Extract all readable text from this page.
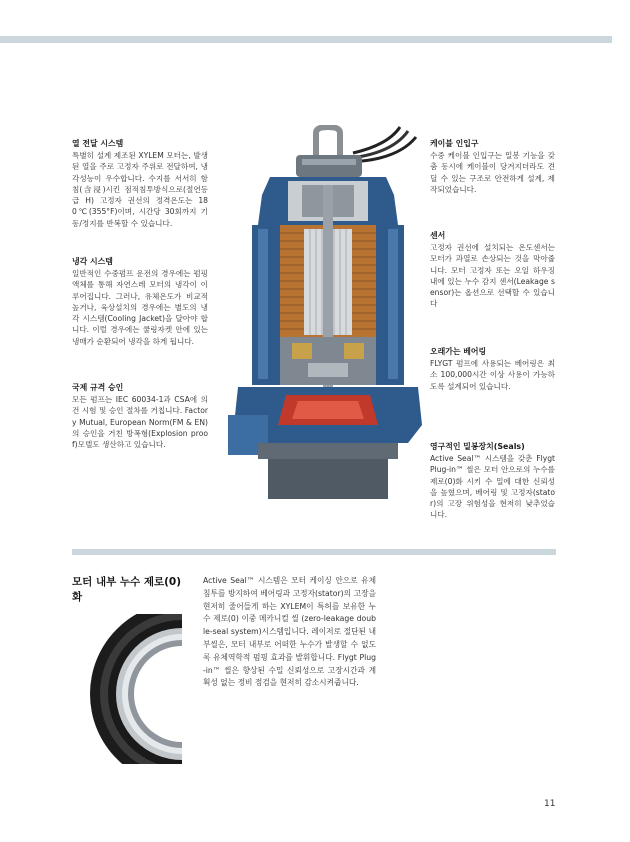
열 전달 시스템

특별히 설계 제조된 XYLEM 모터는, 발생된 열을 주로 고정자 주위로 전달하여, 냉각성능이 우수합니다. 수지를 서서히 함침(含浸)시킨 점적침투방식으로(절연등급 H) 고정자 권선의 정격온도는 180℃(355°F)이며, 시간당 30회까지 기동/정지를 반복할 수 있습니다.

냉각 시스템

일반적인 수중펌프 운전의 경우에는 펌핑액체를 통해 자연스레 모터의 냉각이 이루어집니다. 그러나, 유체온도가 비교적 높거나, 육상설치의 경우에는 별도의 냉각 시스템(Cooling Jacket)을 달아야 합니다. 이럴 경우에는 쿨링자켓 안에 있는 냉매가 순환되어 냉각을 하게 됩니다.

국제 규격 승인

모든 펌프는 IEC 60034-1과 CSA에 의건 시험 및 승인 절차를 거칩니다. Factory Mutual, European Norm(FM & EN)의 승인을 거친 방폭형(Explosion proof)모델도 생산하고 있습니다.

케이블 인입구

수중 케이블 인입구는 밀봉 기능을 갖춤 동시에 케이블이 당겨지더라도 견딜 수 있는 구조로 안전하게 설계, 제작되었습니다.

센서

고정자 권선에 설치되는 온도센서는 모터가 과열로 손상되는 것을 막아줍니다. 모터 고정자 또는 오일 하우징 내에 있는 누수 감지 센서(Leakage sensor)는 옵션으로 선택할 수 있습니다

오래가는 베어링

FLYGT 펌프에 사용되는 베어링은 최소 100,000시간 이상 사용이 가능하도록 설계되어 있습니다.

영구적인 밀봉장치(Seals)

Active Seal™ 시스템을 갖춘 Flygt Plug-in™ 씰은 모터 안으로의 누수를 제로(0)화 시키 수 밀에 대한 신뢰성을 높혔으며, 베어링 및 고정자(stator)의 고장 위험성을 현저히 낮추었습니다.

모터 내부 누수 제로(0)화

Active Seal™ 시스템은 모터 케이싱 안으로 유체 침투를 방지하여 베어링과 고정자(stator)의 고장을 현저히 줄어들게 하는 XYLEM이 특허를 보유한 누수 제로(0) 이중 메카니컬 씰 (zero-leakage double-seal system)시스템입니다. 레이저로 절단된 내부씰은, 모터 내부로 어떠한 누수가 발생할 수 없도록 유체역학적 펌핑 효과를 발휘합니다. Flygt Plug-in™ 씰은 향상된 수밀 신뢰성으로 고장시간과 계획성 없는 정비 점검을 현저히 감소시켜줍니다.

11
